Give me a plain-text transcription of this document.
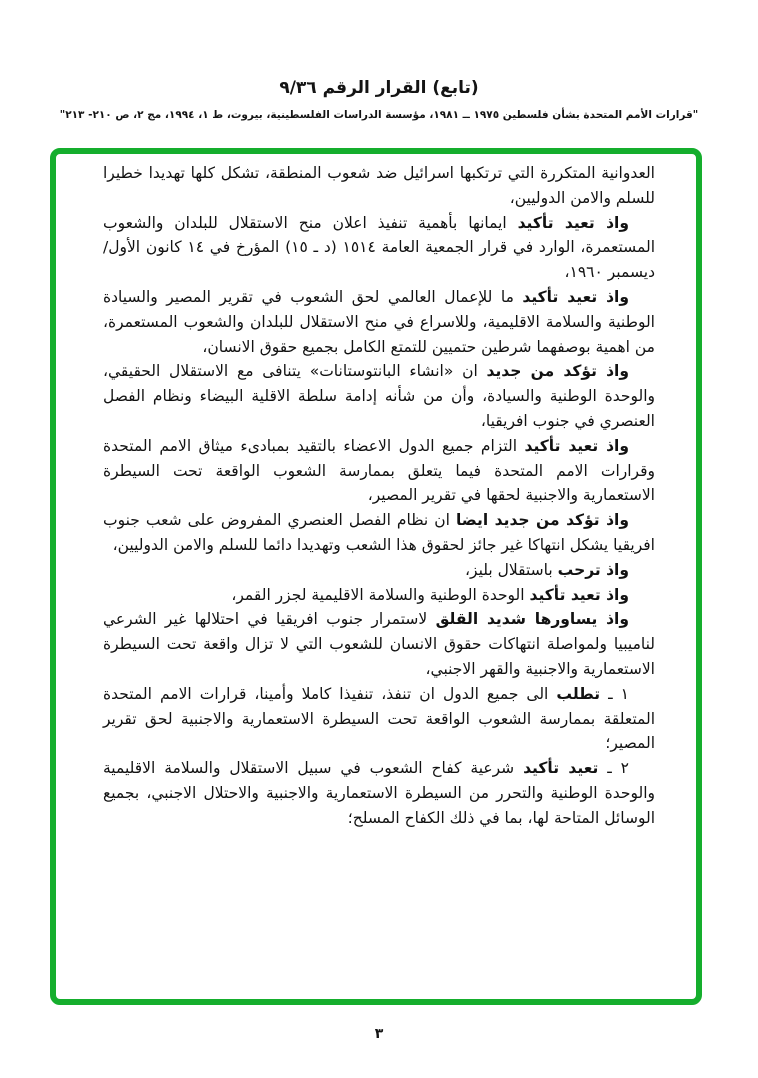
(تابع) القرار الرقم ٩/٣٦
"قرارات الأمم المتحدة بشأن فلسطين ١٩٧٥ ــ ١٩٨١، مؤسسة الدراسات الفلسطينية، بيروت، ط ١، ١٩٩٤، مج ٢، ص ٢١٠- ٢١٣"

العدوانية المتكررة التي ترتكبها اسرائيل ضد شعوب المنطقة، تشكل كلها تهديدا خطيرا للسلم والامن الدوليين،

واذ تعيد تأكيد ايمانها بأهمية تنفيذ اعلان منح الاستقلال للبلدان والشعوب المستعمرة، الوارد في قرار الجمعية العامة ١٥١٤ (د ـ ١٥) المؤرخ في ١٤ كانون الأول/ديسمبر ١٩٦٠،

واذ تعيد تأكيد ما للإعمال العالمي لحق الشعوب في تقرير المصير والسيادة الوطنية والسلامة الاقليمية، وللاسراع في منح الاستقلال للبلدان والشعوب المستعمرة، من اهمية بوصفهما شرطين حتميين للتمتع الكامل بجميع حقوق الانسان،

واذ تؤكد من جديد ان «انشاء البانتوستانات» يتنافى مع الاستقلال الحقيقي، والوحدة الوطنية والسيادة، وأن من شأنه إدامة سلطة الاقلية البيضاء ونظام الفصل العنصري في جنوب افريقيا،

واذ تعيد تأكيد التزام جميع الدول الاعضاء بالتقيد بمبادىء ميثاق الامم المتحدة وقرارات الامم المتحدة فيما يتعلق بممارسة الشعوب الواقعة تحت السيطرة الاستعمارية والاجنبية لحقها في تقرير المصير،

واذ تؤكد من جديد ايضا ان نظام الفصل العنصري المفروض على شعب جنوب افريقيا يشكل انتهاكا غير جائز لحقوق هذا الشعب وتهديدا دائما للسلم والامن الدوليين،

واذ ترحب باستقلال بليز،

واذ تعيد تأكيد الوحدة الوطنية والسلامة الاقليمية لجزر القمر،

واذ يساورها شديد القلق لاستمرار جنوب افريقيا في احتلالها غير الشرعي لناميبيا ولمواصلة انتهاكات حقوق الانسان للشعوب التي لا تزال واقعة تحت السيطرة الاستعمارية والاجنبية والقهر الاجنبي،

١ ـ تطلب الى جميع الدول ان تنفذ، تنفيذا كاملا وأمينا، قرارات الامم المتحدة المتعلقة بممارسة الشعوب الواقعة تحت السيطرة الاستعمارية والاجنبية لحق تقرير المصير؛

٢ ـ تعيد تأكيد شرعية كفاح الشعوب في سبيل الاستقلال والسلامة الاقليمية والوحدة الوطنية والتحرر من السيطرة الاستعمارية والاجنبية والاحتلال الاجنبي، بجميع الوسائل المتاحة لها، بما في ذلك الكفاح المسلح؛

٣
